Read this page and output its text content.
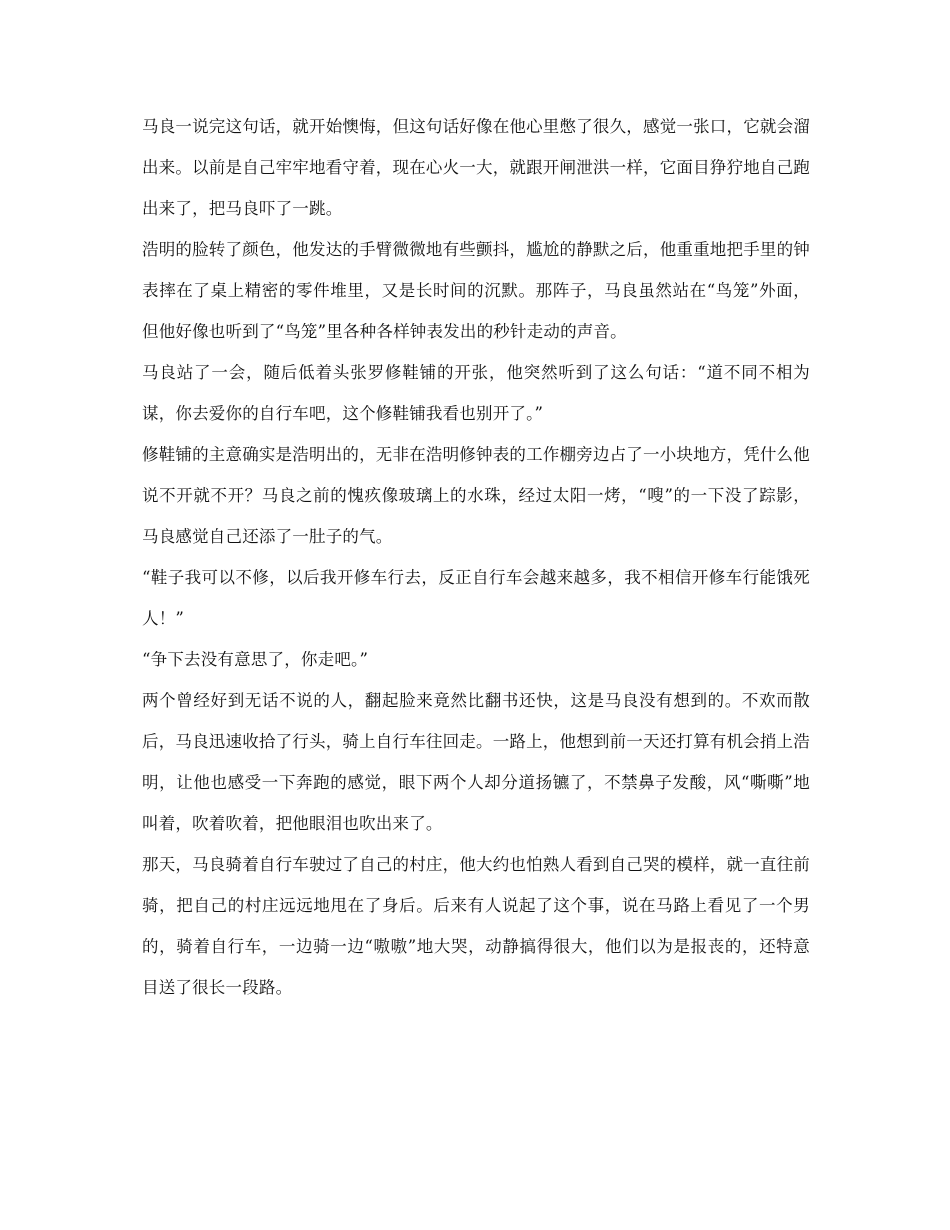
马良一说完这句话，就开始懊悔，但这句话好像在他心里憋了很久，感觉一张口，它就会溜出来。以前是自己牢牢地看守着，现在心火一大，就跟开闸泄洪一样，它面目狰狞地自己跑出来了，把马良吓了一跳。

浩明的脸转了颜色，他发达的手臂微微地有些颤抖，尴尬的静默之后，他重重地把手里的钟表摔在了桌上精密的零件堆里，又是长时间的沉默。那阵子，马良虽然站在“鸟笼”外面，但他好像也听到了“鸟笼”里各种各样钟表发出的秒针走动的声音。

马良站了一会，随后低着头张罗修鞋铺的开张，他突然听到了这么句话：“道不同不相为谋，你去爱你的自行车吧，这个修鞋铺我看也别开了。”

修鞋铺的主意确实是浩明出的，无非在浩明修钟表的工作棚旁边占了一小块地方，凭什么他说不开就不开？马良之前的愧疚像玻璃上的水珠，经过太阳一烤，“嗖”的一下没了踪影，马良感觉自己还添了一肚子的气。

“鞋子我可以不修，以后我开修车行去，反正自行车会越来越多，我不相信开修车行能饿死人！”

“争下去没有意思了，你走吧。”

两个曾经好到无话不说的人，翻起脸来竟然比翻书还快，这是马良没有想到的。不欢而散后，马良迅速收拾了行头，骑上自行车往回走。一路上，他想到前一天还打算有机会捎上浩明，让他也感受一下奔跑的感觉，眼下两个人却分道扬镳了，不禁鼻子发酸，风“嘶嘶”地叫着，吹着吹着，把他眼泪也吹出来了。

那天，马良骑着自行车驶过了自己的村庄，他大约也怕熟人看到自己哭的模样，就一直往前骑，把自己的村庄远远地甩在了身后。后来有人说起了这个事，说在马路上看见了一个男的，骑着自行车，一边骑一边“嗷嗷”地大哭，动静搞得很大，他们以为是报丧的，还特意目送了很长一段路。
